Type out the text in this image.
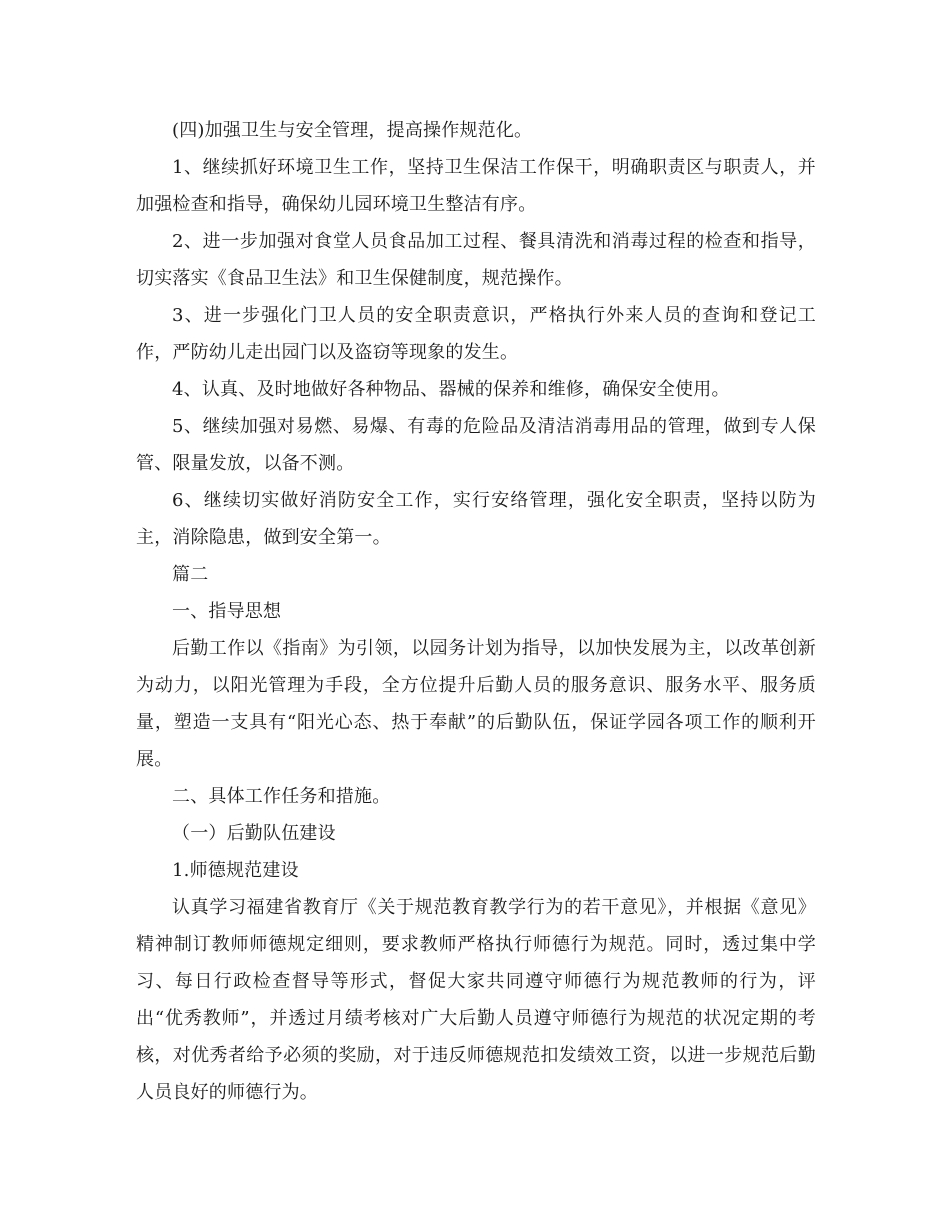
(四)加强卫生与安全管理，提高操作规范化。

1、继续抓好环境卫生工作，坚持卫生保洁工作保干，明确职责区与职责人，并加强检查和指导，确保幼儿园环境卫生整洁有序。

2、进一步加强对食堂人员食品加工过程、餐具清洗和消毒过程的检查和指导，切实落实《食品卫生法》和卫生保健制度，规范操作。

3、进一步强化门卫人员的安全职责意识，严格执行外来人员的查询和登记工作，严防幼儿走出园门以及盗窃等现象的发生。

4、认真、及时地做好各种物品、器械的保养和维修，确保安全使用。

5、继续加强对易燃、易爆、有毒的危险品及清洁消毒用品的管理，做到专人保管、限量发放，以备不测。

6、继续切实做好消防安全工作，实行安络管理，强化安全职责，坚持以防为主，消除隐患，做到安全第一。

篇二

一、指导思想

后勤工作以《指南》为引领，以园务计划为指导，以加快发展为主，以改革创新为动力，以阳光管理为手段，全方位提升后勤人员的服务意识、服务水平、服务质量，塑造一支具有“阳光心态、热于奉献”的后勤队伍，保证学园各项工作的顺利开展。

二、具体工作任务和措施。

（一）后勤队伍建设

1.师德规范建设

认真学习福建省教育厅《关于规范教育教学行为的若干意见》，并根据《意见》精神制订教师师德规定细则，要求教师严格执行师德行为规范。同时，透过集中学习、每日行政检查督导等形式，督促大家共同遵守师德行为规范教师的行为，评出“优秀教师”，并透过月绩考核对广大后勤人员遵守师德行为规范的状况定期的考核，对优秀者给予必须的奖励，对于违反师德规范扣发绩效工资，以进一步规范后勤人员良好的师德行为。
